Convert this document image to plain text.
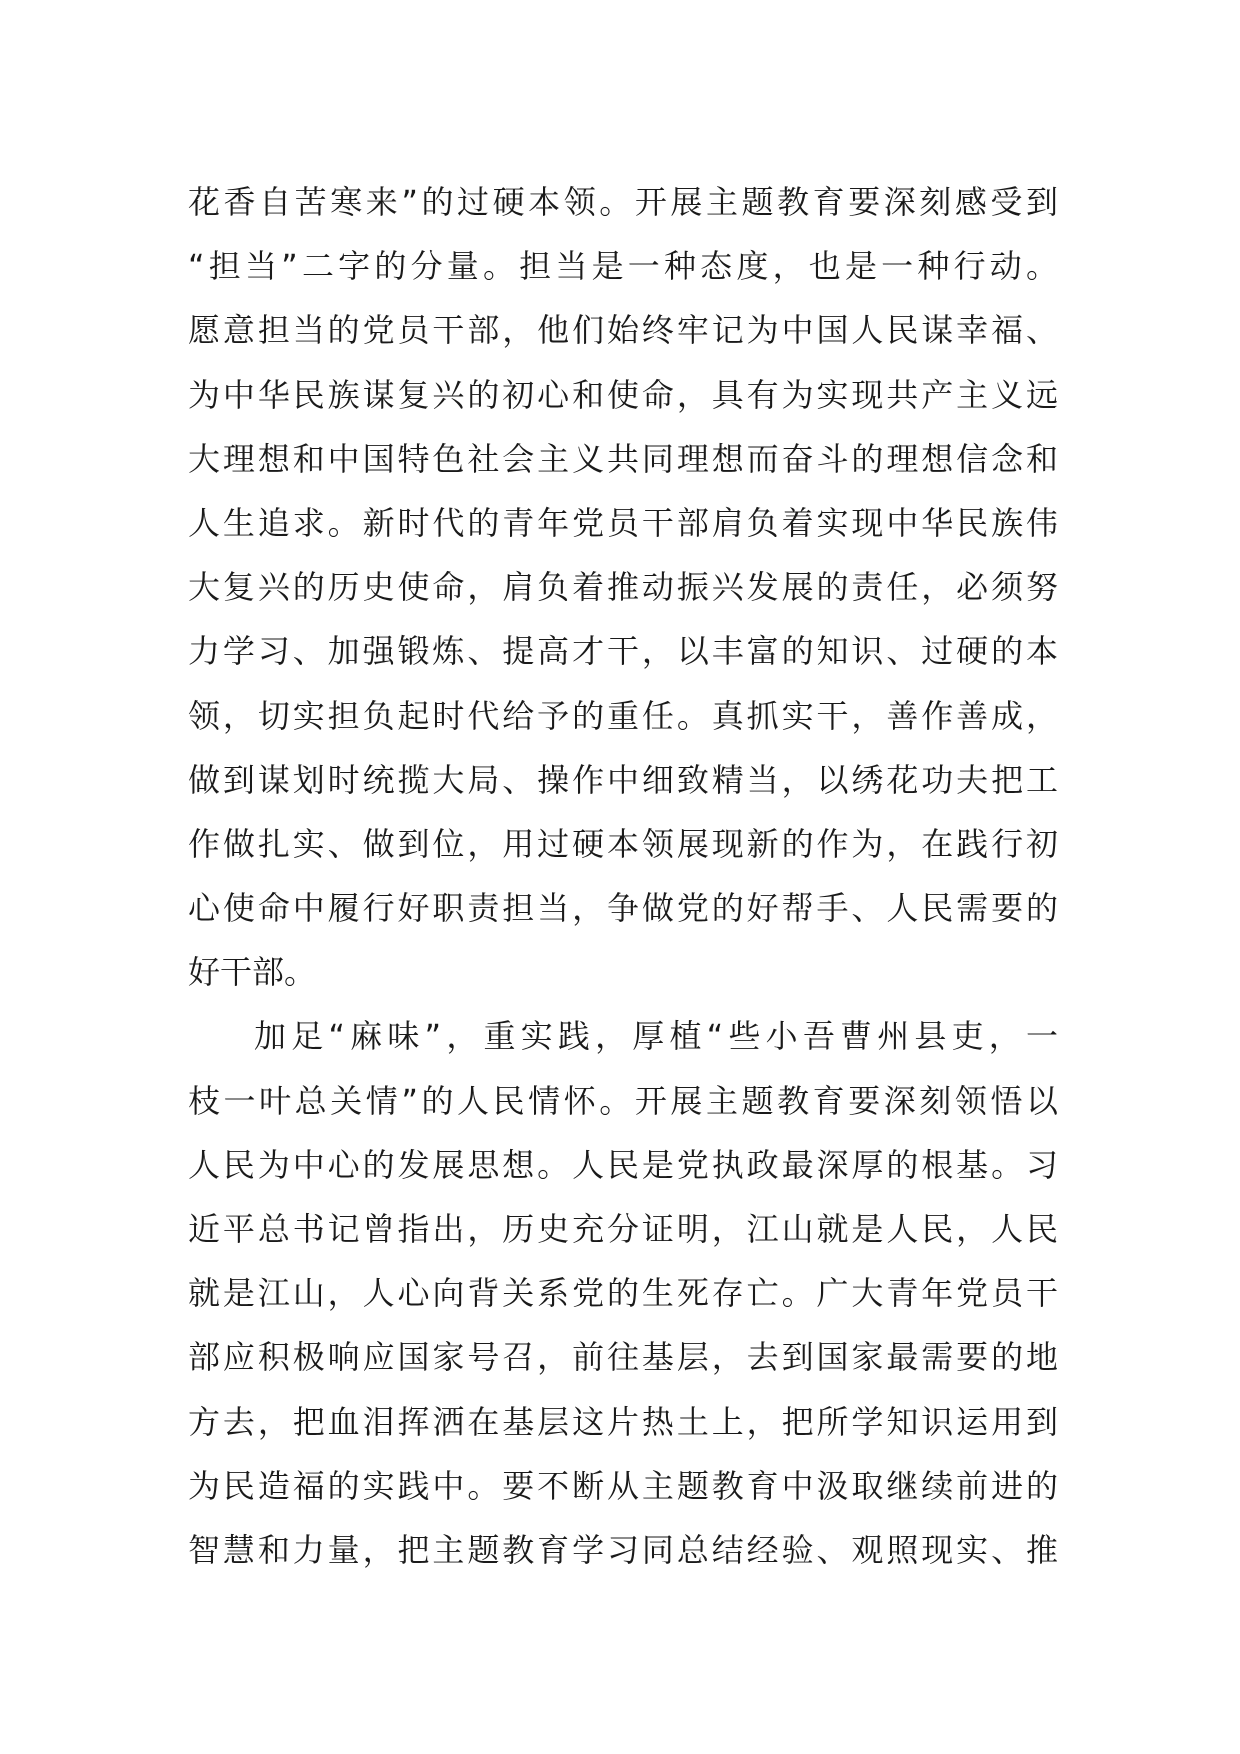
花香自苦寒来”的过硬本领。开展主题教育要深刻感受到
“担当”二字的分量。担当是一种态度，也是一种行动。
愿意担当的党员干部，他们始终牢记为中国人民谋幸福、
为中华民族谋复兴的初心和使命，具有为实现共产主义远
大理想和中国特色社会主义共同理想而奋斗的理想信念和
人生追求。新时代的青年党员干部肩负着实现中华民族伟
大复兴的历史使命，肩负着推动振兴发展的责任，必须努
力学习、加强锻炼、提高才干，以丰富的知识、过硬的本
领，切实担负起时代给予的重任。真抓实干，善作善成，
做到谋划时统揽大局、操作中细致精当，以绣花功夫把工
作做扎实、做到位，用过硬本领展现新的作为，在践行初
心使命中履行好职责担当，争做党的好帮手、人民需要的
好干部。
加足“麻味”，重实践，厚植“些小吾曹州县吏，一
枝一叶总关情”的人民情怀。开展主题教育要深刻领悟以
人民为中心的发展思想。人民是党执政最深厚的根基。习
近平总书记曾指出，历史充分证明，江山就是人民，人民
就是江山，人心向背关系党的生死存亡。广大青年党员干
部应积极响应国家号召，前往基层，去到国家最需要的地
方去，把血泪挥洒在基层这片热土上，把所学知识运用到
为民造福的实践中。要不断从主题教育中汲取继续前进的
智慧和力量，把主题教育学习同总结经验、观照现实、推
